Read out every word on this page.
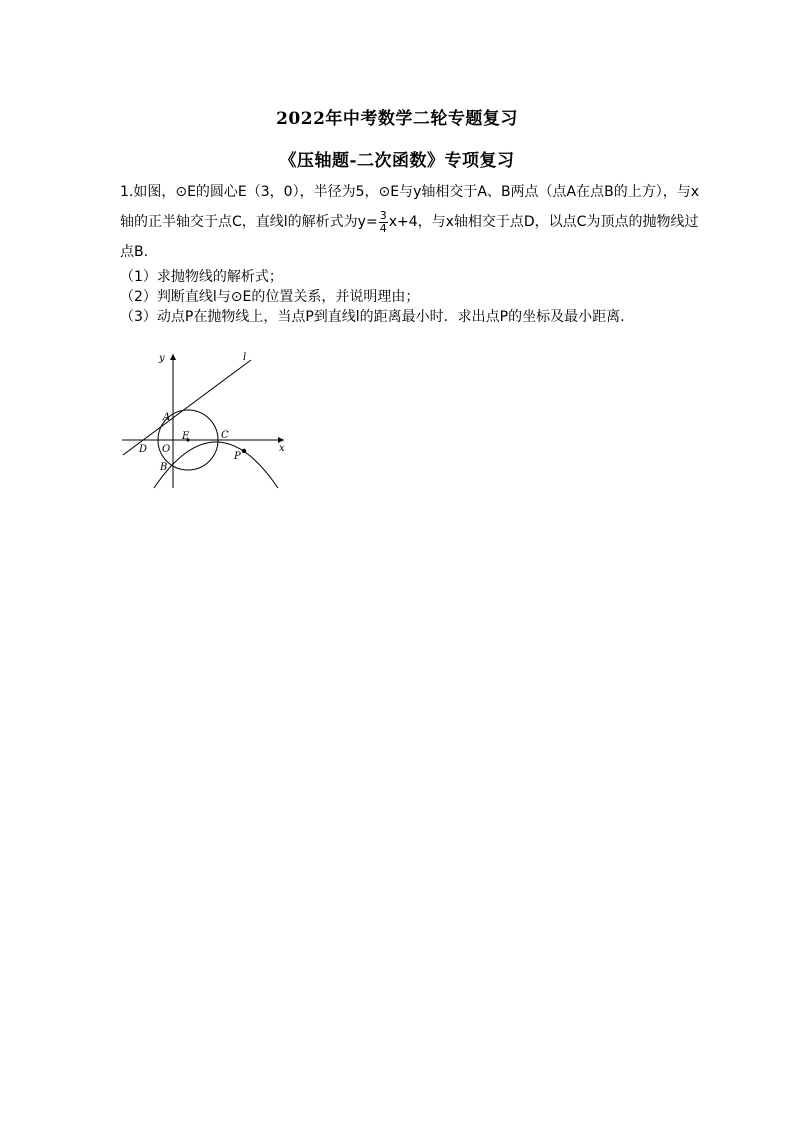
2022年中考数学二轮专题复习
《压轴题-二次函数》专项复习

1.如图，⊙E的圆心E（3，0），半径为5，⊙E与y轴相交于A、B两点（点A在点B的上方），与x轴的正半轴交于点C，直线l的解析式为$y= \frac{3}{4} x+4$，与x轴相交于点D，以点C为顶点的抛物线过点B.

（1）求抛物线的解析式；

（2）判断直线l与⊙E的位置关系，并说明理由；

（3）动点P在抛物线上，当点P到直线l的距离最小时．求出点P的坐标及最小距离.

y
x
l
A
B
C
D
E
O
P
